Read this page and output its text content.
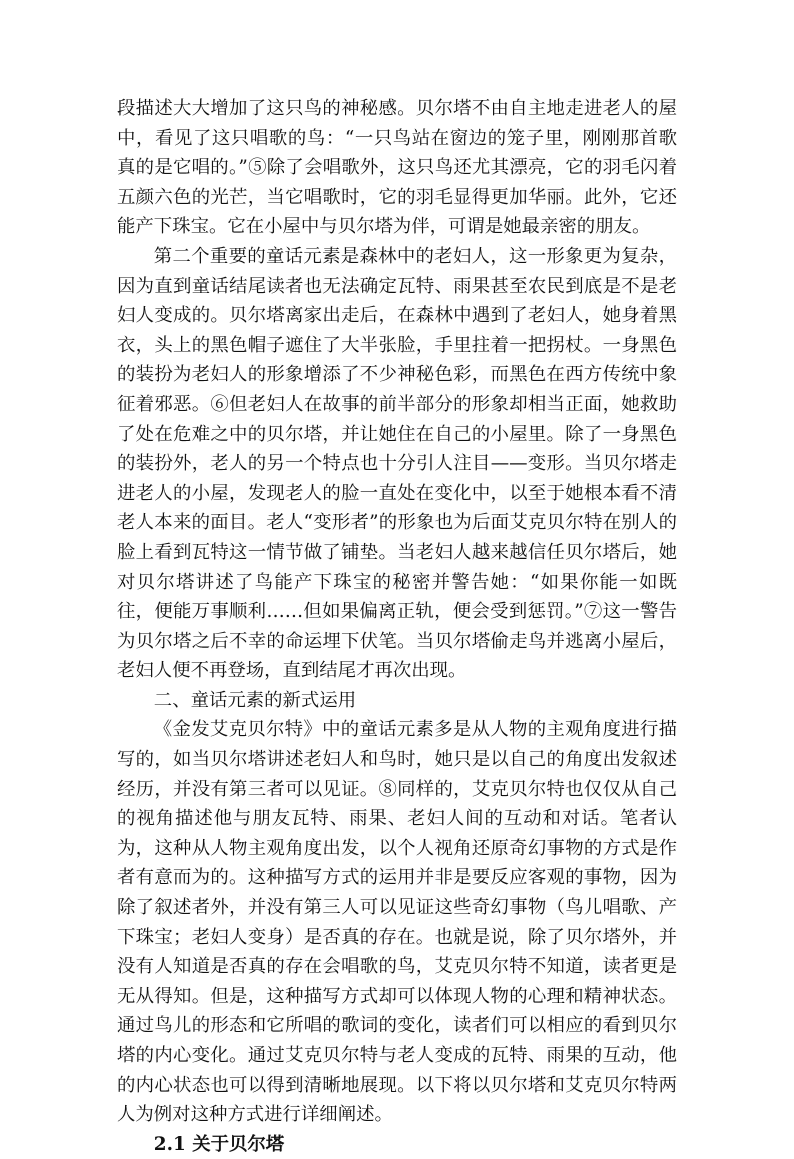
段描述大大增加了这只鸟的神秘感。贝尔塔不由自主地走进老人的屋中，看见了这只唱歌的鸟：“一只鸟站在窗边的笼子里，刚刚那首歌真的是它唱的。”⑤除了会唱歌外，这只鸟还尤其漂亮，它的羽毛闪着五颜六色的光芒，当它唱歌时，它的羽毛显得更加华丽。此外，它还能产下珠宝。它在小屋中与贝尔塔为伴，可谓是她最亲密的朋友。

第二个重要的童话元素是森林中的老妇人，这一形象更为复杂，因为直到童话结尾读者也无法确定瓦特、雨果甚至农民到底是不是老妇人变成的。贝尔塔离家出走后，在森林中遇到了老妇人，她身着黑衣，头上的黑色帽子遮住了大半张脸，手里拄着一把拐杖。一身黑色的装扮为老妇人的形象增添了不少神秘色彩，而黑色在西方传统中象征着邪恶。⑥但老妇人在故事的前半部分的形象却相当正面，她救助了处在危难之中的贝尔塔，并让她住在自己的小屋里。除了一身黑色的装扮外，老人的另一个特点也十分引人注目——变形。当贝尔塔走进老人的小屋，发现老人的脸一直处在变化中，以至于她根本看不清老人本来的面目。老人“变形者”的形象也为后面艾克贝尔特在别人的脸上看到瓦特这一情节做了铺垫。当老妇人越来越信任贝尔塔后，她对贝尔塔讲述了鸟能产下珠宝的秘密并警告她：“如果你能一如既往，便能万事顺利……但如果偏离正轨，便会受到惩罚。”⑦这一警告为贝尔塔之后不幸的命运埋下伏笔。当贝尔塔偷走鸟并逃离小屋后，老妇人便不再登场，直到结尾才再次出现。

二、童话元素的新式运用

《金发艾克贝尔特》中的童话元素多是从人物的主观角度进行描写的，如当贝尔塔讲述老妇人和鸟时，她只是以自己的角度出发叙述经历，并没有第三者可以见证。⑧同样的，艾克贝尔特也仅仅从自己的视角描述他与朋友瓦特、雨果、老妇人间的互动和对话。笔者认为，这种从人物主观角度出发，以个人视角还原奇幻事物的方式是作者有意而为的。这种描写方式的运用并非是要反应客观的事物，因为除了叙述者外，并没有第三人可以见证这些奇幻事物（鸟儿唱歌、产下珠宝；老妇人变身）是否真的存在。也就是说，除了贝尔塔外，并没有人知道是否真的存在会唱歌的鸟，艾克贝尔特不知道，读者更是无从得知。但是，这种描写方式却可以体现人物的心理和精神状态。通过鸟儿的形态和它所唱的歌词的变化，读者们可以相应的看到贝尔塔的内心变化。通过艾克贝尔特与老人变成的瓦特、雨果的互动，他的内心状态也可以得到清晰地展现。以下将以贝尔塔和艾克贝尔特两人为例对这种方式进行详细阐述。

2.1 关于贝尔塔
